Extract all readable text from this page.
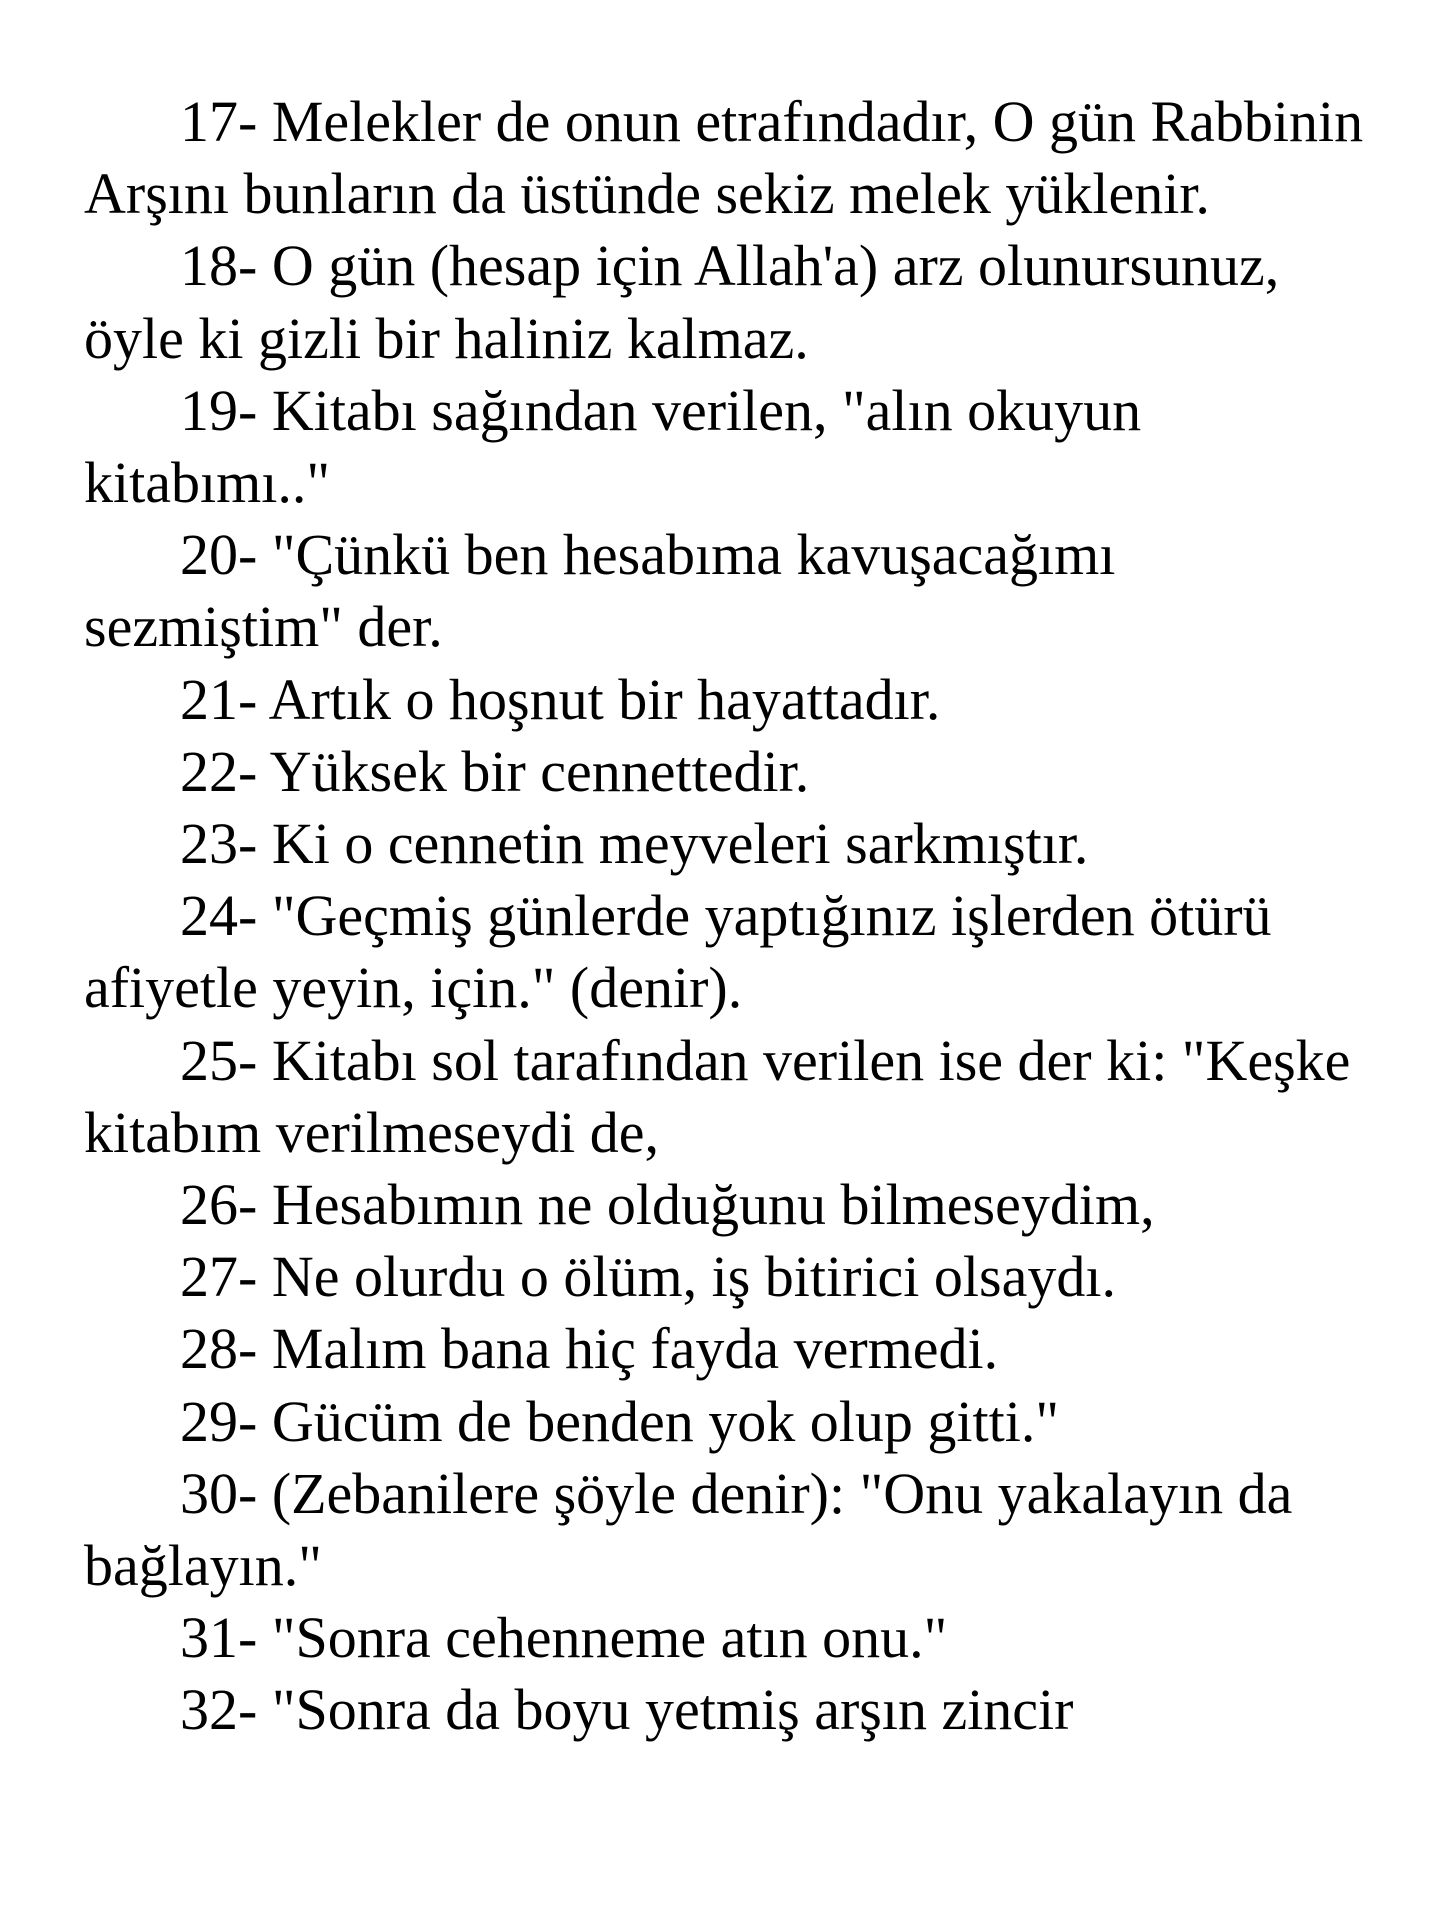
17- Melekler de onun etrafındadır, O gün Rabbinin Arşını bunların da üstünde sekiz melek yüklenir.

18- O gün (hesap için Allah'a) arz olunursunuz, öyle ki gizli bir haliniz kalmaz.

19- Kitabı sağından verilen, "alın okuyun kitabımı.."

20- "Çünkü ben hesabıma kavuşacağımı sezmiştim" der.

21- Artık o hoşnut bir hayattadır.

22- Yüksek bir cennettedir.

23- Ki o cennetin meyveleri sarkmıştır.

24- "Geçmiş günlerde yaptığınız işlerden ötürü afiyetle yeyin, için." (denir).

25- Kitabı sol tarafından verilen ise der ki: "Keşke kitabım verilmeseydi de,

26- Hesabımın ne olduğunu bilmeseydim,

27- Ne olurdu o ölüm, iş bitirici olsaydı.

28- Malım bana hiç fayda vermedi.

29- Gücüm de benden yok olup gitti."

30- (Zebanilere şöyle denir): "Onu yakalayın da bağlayın."

31- "Sonra cehenneme atın onu."

32- "Sonra da boyu yetmiş arşın zincir
